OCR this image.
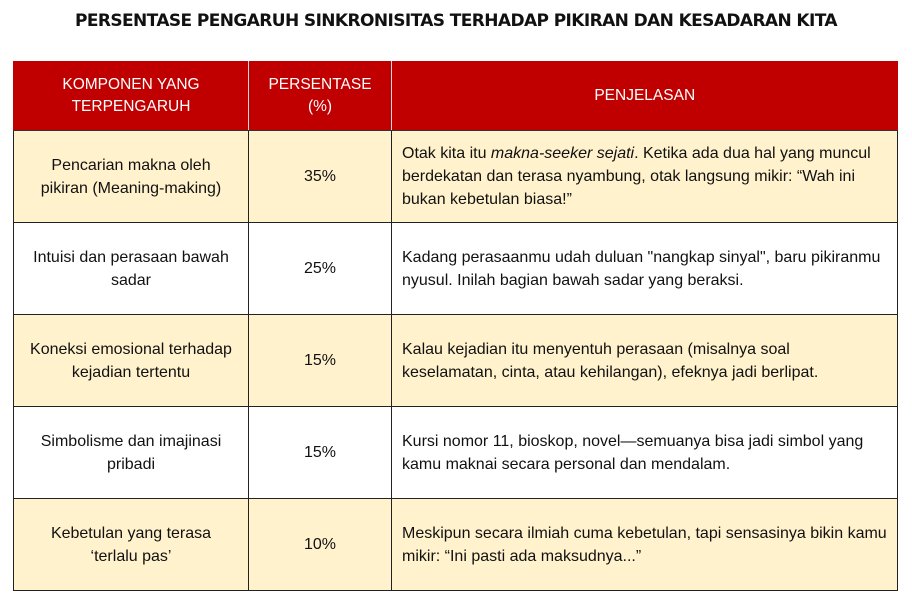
PERSENTASE PENGARUH SINKRONISITAS TERHADAP PIKIRAN DAN KESADARAN KITA
KOMPONEN YANG TERPENGARUH	PERSENTASE (%)	PENJELASAN
Pencarian makna oleh pikiran (Meaning-making)	35%	Otak kita itu makna-seeker sejati. Ketika ada dua hal yang muncul berdekatan dan terasa nyambung, otak langsung mikir: “Wah ini bukan kebetulan biasa!”
Intuisi dan perasaan bawah sadar	25%	Kadang perasaanmu udah duluan "nangkap sinyal", baru pikiranmu nyusul. Inilah bagian bawah sadar yang beraksi.
Koneksi emosional terhadap kejadian tertentu	15%	Kalau kejadian itu menyentuh perasaan (misalnya soal keselamatan, cinta, atau kehilangan), efeknya jadi berlipat.
Simbolisme dan imajinasi pribadi	15%	Kursi nomor 11, bioskop, novel—semuanya bisa jadi simbol yang kamu maknai secara personal dan mendalam.
Kebetulan yang terasa ‘terlalu pas’	10%	Meskipun secara ilmiah cuma kebetulan, tapi sensasinya bikin kamu mikir: “Ini pasti ada maksudnya...”
